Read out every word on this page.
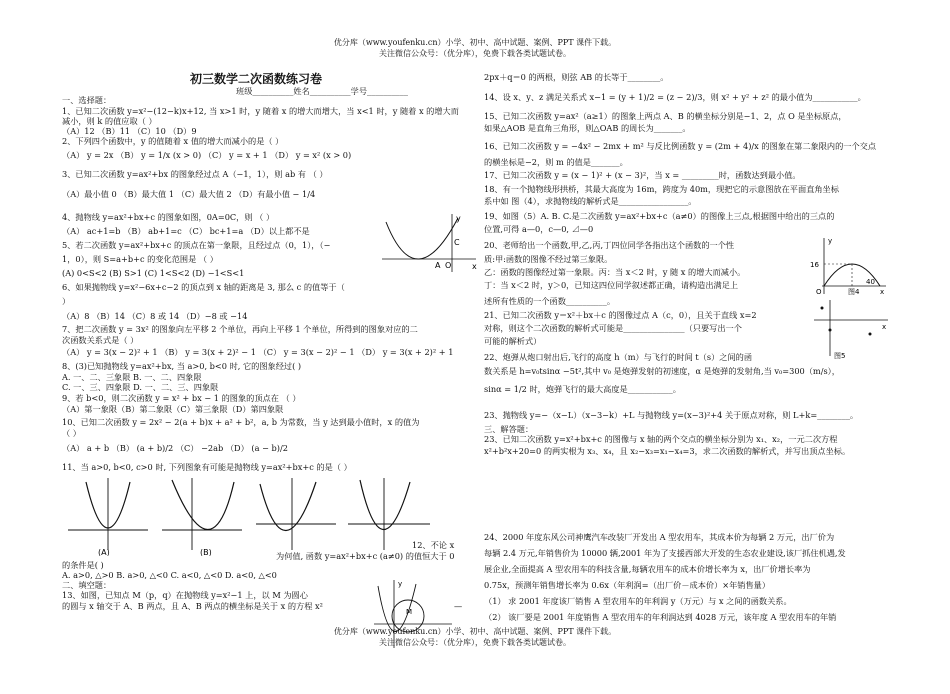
优分库（www.youfenku.cn）小学、初中、高中试题、案例、PPT 课件下载。
关注微信公众号：（优分库），免费下载各类试题试卷。
初三数学二次函数练习卷
班级__________姓名__________学号__________
一、选择题：
1、已知二次函数 y=x²−(12−k)x+12, 当 x>1 时，y 随着 x 的增大而增大，当 x<1 时，y 随着 x 的增大而
减小，则 k 的值应取（ ）
（A）12 （B）11 （C）10 （D）9
2、下列四个函数中，y 的值随着 x 值的增大而减小的是（ ）
（A） y = 2x （B） y = 1/x (x > 0) （C） y = x + 1 （D） y = x² (x > 0)
3、已知二次函数 y=ax²+bx 的图象经过点 A（−1，1），则 ab 有 （ ）
（A）最小值 0 （B）最大值 1 （C）最大值 2 （D）有最小值 − 1/4
4、抛物线 y=ax²+bx+c 的图象如图，0A=0C，则 （ ）
（A） ac+1=b （B） ab+1=c （C） bc+1=a （D）以上都不是
5、若二次函数 y=ax²+bx+c 的顶点在第一象限，且经过点（0，1），（−
1，0），则 S=a+b+c 的变化范围是 （ ）
(A) 0<S<2 (B) S>1 (C) 1<S<2 (D) −1<S<1
6、如果抛物线 y=x²−6x+c−2 的顶点到 x 轴的距离是 3, 那么 c 的值等于（
）
（A）8 （B）14 （C）8 或 14 （D）−8 或 −14
7、把二次函数 y = 3x² 的图象向左平移 2 个单位，再向上平移 1 个单位，所得到的图象对应的二
次函数关系式是（ ）
（A） y = 3(x − 2)² + 1 （B） y = 3(x + 2)² − 1 （C） y = 3(x − 2)² − 1 （D） y = 3(x + 2)² + 1
8、(3)已知抛物线 y=ax²+bx, 当 a>0, b<0 时, 它的图象经过( )
A. 一、二、三象限 B. 一、二、四象限
C. 一、三、四象限 D. 一、二、三、四象限
9、若 b<0，则二次函数 y = x² + bx − 1 的图象的顶点在 （ ）
（A）第一象限（B）第二象限（C）第三象限（D）第四象限
10、已知二次函数 y = 2x² − 2(a + b)x + a² + b²，a, b 为常数，当 y 达到最小值时，x 的值为
（ ）
（A） a + b （B） (a + b)/2 （C） −2ab （D） (a − b)/2
11、当 a>0, b<0, c>0 时, 下列图象有可能是抛物线 y=ax²+bx+c 的是（ ）
12、不论 x
为何值, 函数 y=ax²+bx+c (a≠0) 的值恒大于 0
的条件是( )
A. a>0, △>0 B. a>0, △<0 C. a<0, △<0 D. a<0, △<0
二、填空题：
13、如图，已知点 M（p，q）在抛物线 y=x²−1 上，以 M 为圆心
的圆与 x 轴交于 A、B 两点，且 A、B 两点的横坐标是关于 x 的方程 x²	—
y
x
A O
C
(A)	(B)
y
M
2px＋q＝0 的两根，则弦 AB 的长等于________。
14、设 x、y、z 满足关系式 x−1 = (y + 1)/2 = (z − 2)/3，则 x² + y² + z² 的最小值为___________。
15、已知二次函数 y=ax²（a≥1）的图象上两点 A、B 的横坐标分别是−1、2，点 O 是坐标原点，
如果△AOB 是直角三角形，则△OAB 的周长为_______。
16、已知二次函数 y = −4x² − 2mx + m² 与反比例函数 y = (2m + 4)/x 的图象在第二象限内的一个交点
的横坐标是−2，则 m 的值是_______。
17、已知二次函数 y = (x − 1)² + (x − 3)²，当 x = _________时，函数达到最小值。
18、有一个抛物线形拱桥，其最大高度为 16m，跨度为 40m，现把它的示意图放在平面直角坐标
系中如 图（4），求抛物线的解析式是_________________。
19、如图（5）A. B. C.是二次函数 y=ax²+bx+c（a≠0）的图像上三点,根据图中给出的三点的
位置,可得 a—0，c—0, ⊿—0
20、老师给出一个函数,甲,乙,丙,丁四位同学各指出这个函数的一个性
质:甲:函数的图像不经过第三象限。
乙：函数的图像经过第一象限。丙：当 x＜2 时，y 随 x 的增大而减小。
丁：当 x＜2 时，y＞0，已知这四位同学叙述都正确，请构造出满足上
述所有性质的一个函数__________。
21、已知二次函数 y＝x²＋bx＋c 的图像过点 A（c，0），且关于直线 x=2
对称，则这个二次函数的解析式可能是_______________（只要写出一个
可能的解析式）
22、炮弹从炮口射出后,飞行的高度 h（m）与飞行的时间 t（s）之间的函
数关系是 h=v₀tsinα −5t²,其中 v₀ 是炮弹发射的初速度，α 是炮弹的发射角,当 v₀=300（m/s），
sinα = 1/2 时，炮弹飞行的最大高度是___________。
23、抛物线 y=−（x−L）（x−3−k）+L 与抛物线 y=(x−3)²+4 关于原点对称，则 L+k=________。
三、解答题：
23、已知二次函数 y=x²+bx+c 的图像与 x 轴的两个交点的横坐标分别为 x₁、x₂，一元二次方程
x²+b²x+20=0 的两实根为 x₃、x₄，且 x₂−x₃=x₁−x₄=3，求二次函数的解析式，并写出顶点坐标。
24、2000 年度东风公司神鹰汽车改装厂开发出 A 型农用车，其成本价为每辆 2 万元，出厂价为
每辆 2.4 万元,年销售价为 10000 辆,2001 年为了支援西部大开发的生态农业建设,该厂抓住机遇,发
展企业,全面提高 A 型农用车的科技含量,每辆农用车的成本价增长率为 x，出厂价增长率为
0.75x，预测年销售增长率为 0.6x（年利润=（出厂价－成本价）×年销售量）
（1） 求 2001 年度该厂销售 A 型农用车的年利润 y（万元）与 x 之间的函数关系。
（2） 该厂要是 2001 年度销售 A 型农用车的年利润达到 4028 万元，该年度 A 型农用车的年销
y
16
O
40
x
图4
x
图5
优分库（www.youfenku.cn）小学、初中、高中试题、案例、PPT 课件下载。
关注微信公众号：（优分库），免费下载各类试题试卷。
